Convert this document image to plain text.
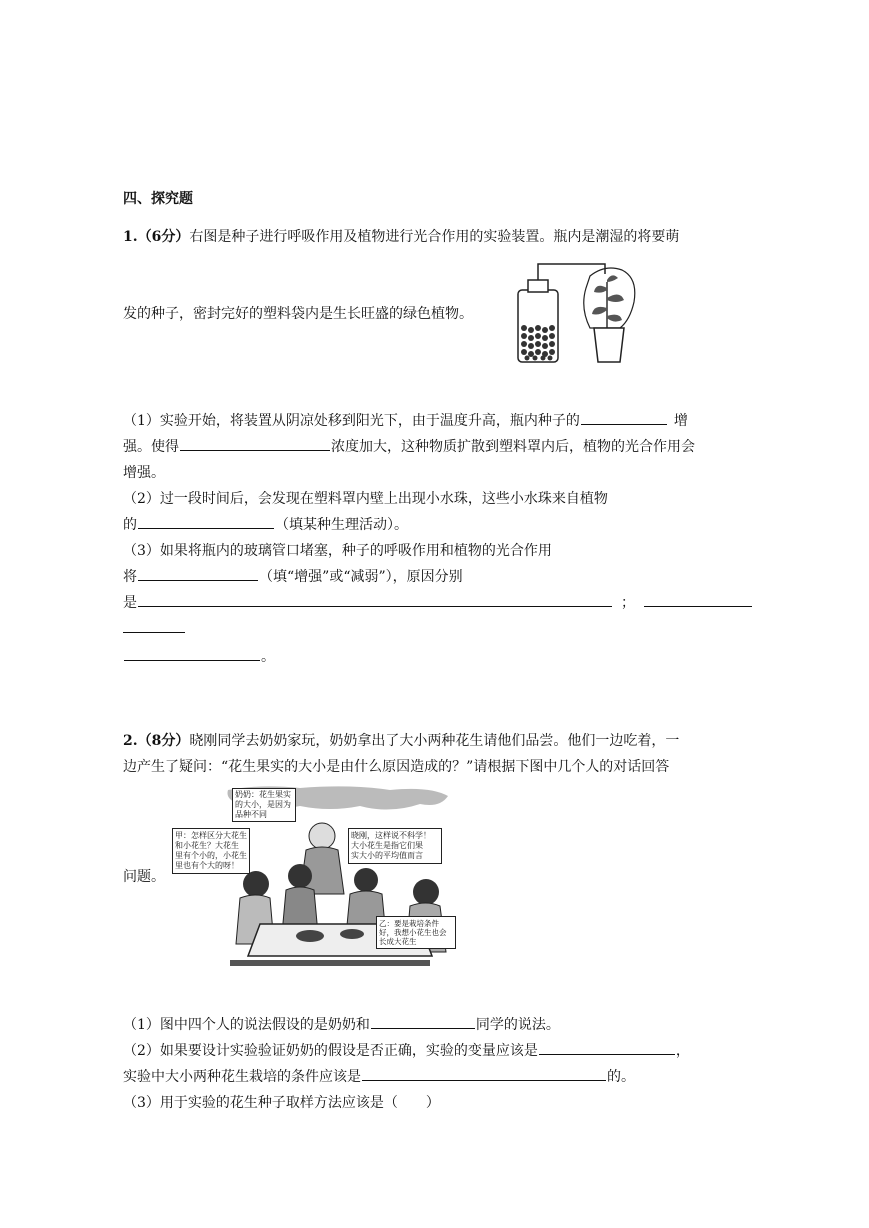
四、探究题
1.（6分）右图是种子进行呼吸作用及植物进行光合作用的实验装置。瓶内是潮湿的将要萌
发的种子，密封完好的塑料袋内是生长旺盛的绿色植物。
（1）实验开始，将装置从阴凉处移到阳光下，由于温度升高，瓶内种子的	增
强。使得	浓度加大，这种物质扩散到塑料罩内后，植物的光合作用会
增强。
（2）过一段时间后，会发现在塑料罩内壁上出现小水珠，这些小水珠来自植物
的	（填某种生理活动）。
（3）如果将瓶内的玻璃管口堵塞，种子的呼吸作用和植物的光合作用
将	（填“增强”或“减弱”），原因分别
是	；
。
2.（8分）晓刚同学去奶奶家玩，奶奶拿出了大小两种花生请他们品尝。他们一边吃着，一
边产生了疑问：“花生果实的大小是由什么原因造成的？”请根据下图中几个人的对话回答
问题。
奶奶：花生果实
的大小，是因为
品种不同
甲：怎样区分大花生
和小花生？大花生
里有个小的，小花生
里也有个大的呀！
晓刚，这样说不科学！
大小花生是指它们果
实大小的平均值而言
乙：要是栽培条件
好，我想小花生也会
长成大花生
（1）图中四个人的说法假设的是奶奶和	同学的说法。
（2）如果要设计实验验证奶奶的假设是否正确，实验的变量应该是	，
实验中大小两种花生栽培的条件应该是	的。
（3）用于实验的花生种子取样方法应该是（　　）
